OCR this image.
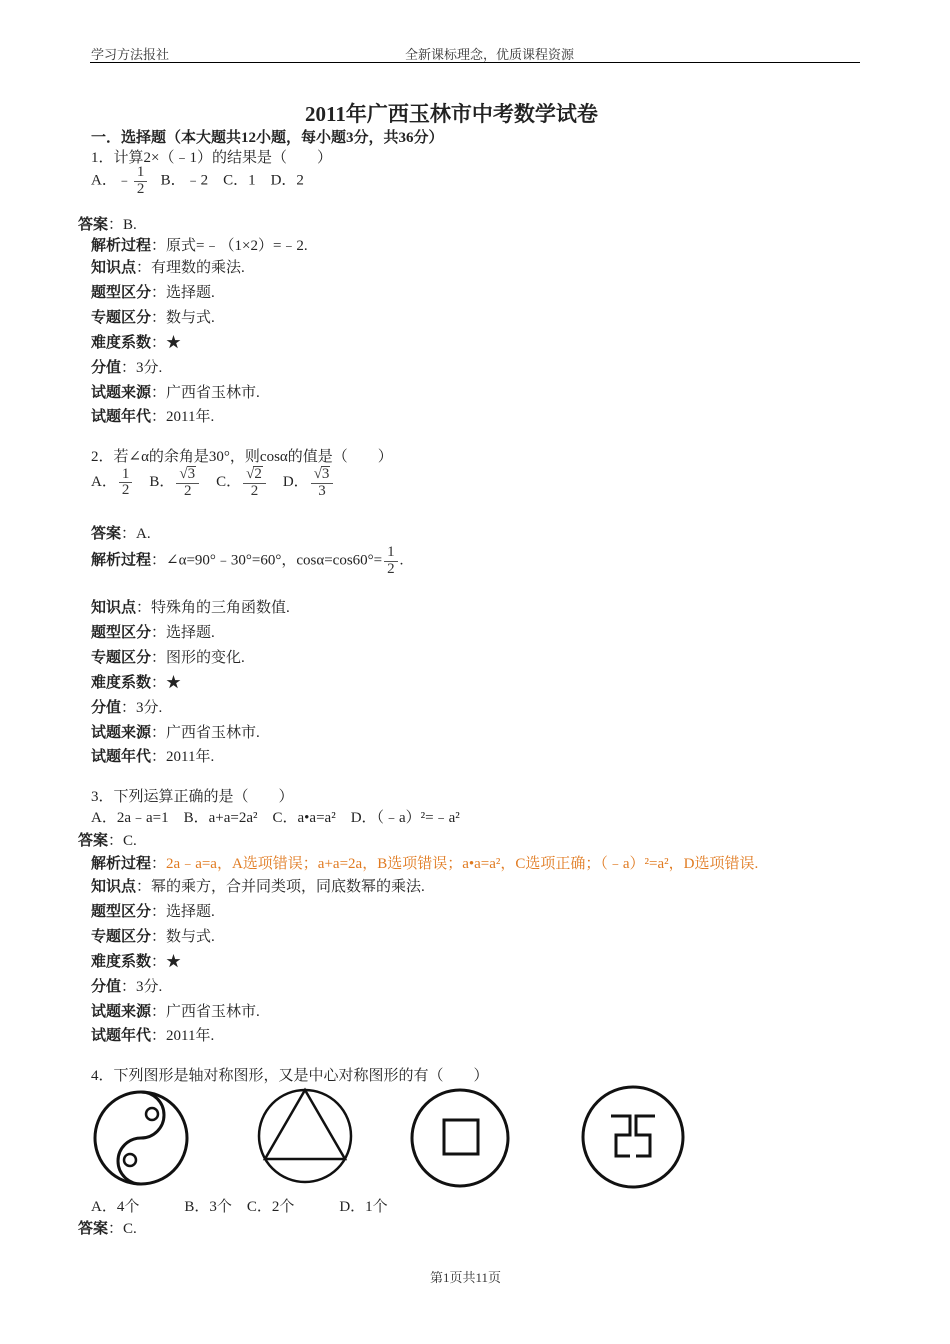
学习方法报社	全新课标理念，优质课程资源
2011年广西玉林市中考数学试卷
一．选择题（本大题共12小题，每小题3分，共36分）
1．计算2×（﹣1）的结果是（　　）
A．﹣ $\frac{1}{2}$ B．﹣2　C．1　D．2
答案：B.
解析过程：原式=﹣（1×2）=﹣2.
知识点：有理数的乘法.
题型区分：选择题.
专题区分：数与式.
难度系数：★
分值：3分.
试题来源：广西省玉林市.
试题年代：2011年.
2．若∠α的余角是30°，则cosα的值是（　　）
A． $\frac{1}{2}$ B． $\frac{√3}{2}$ C． $\frac{√2}{2}$ D． $\frac{√3}{3}$
答案：A.
解析过程：∠α=90°﹣30°=60°，$\cos\alpha=\cos 60^\circ= \frac{1}{2}$ .
知识点：特殊角的三角函数值.
题型区分：选择题.
专题区分：图形的变化.
难度系数：★
分值：3分.
试题来源：广西省玉林市.
试题年代：2011年.
3．下列运算正确的是（　　）
A．2a﹣a=1　B．a+a=2a²　C．a•a=a²　D．（﹣a）²=﹣a²
答案：C.
解析过程：2a﹣a=a，A选项错误；a+a=2a，B选项错误；a•a=a²，C选项正确；（﹣a）²=a²，D选项错误.
知识点：幂的乘方，合并同类项，同底数幂的乘法.
题型区分：选择题.
专题区分：数与式.
难度系数：★
分值：3分.
试题来源：广西省玉林市.
试题年代：2011年.
4．下列图形是轴对称图形，又是中心对称图形的有（　　）
A．4个　　　B．3个　C．2个　　　D．1个
答案：C.
第1页共11页
